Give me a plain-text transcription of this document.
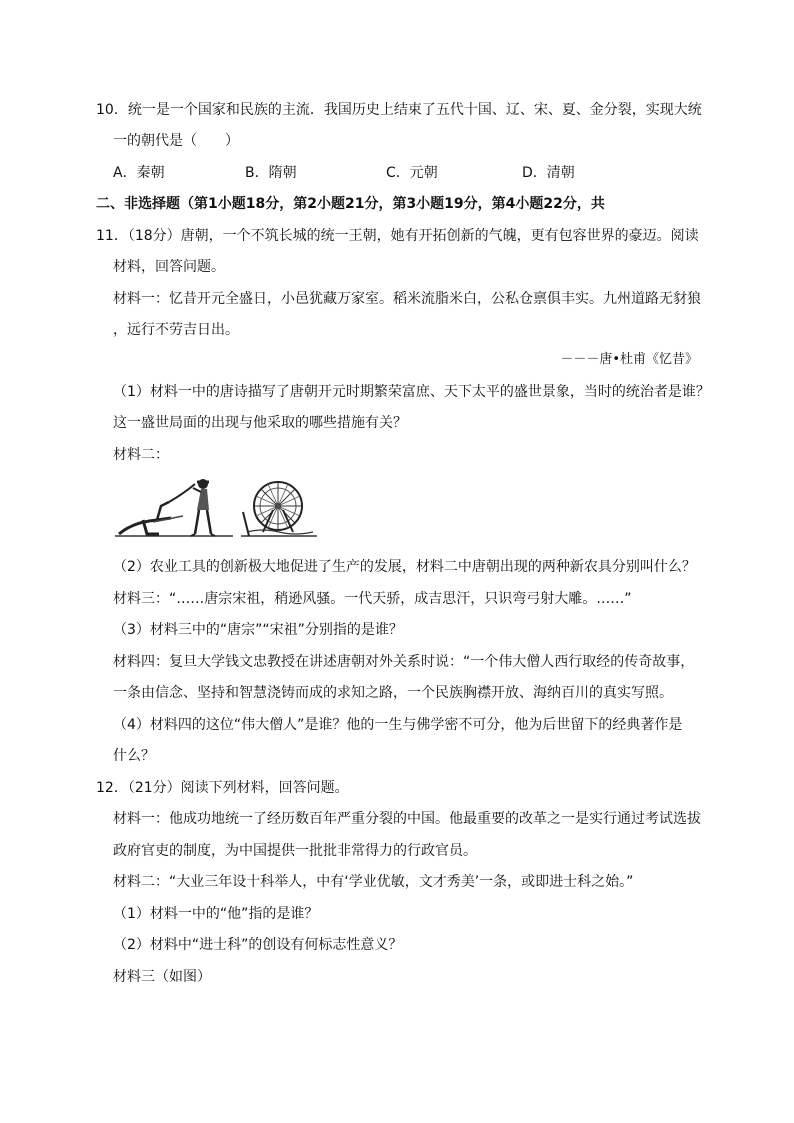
10．统一是一个国家和民族的主流．我国历史上结束了五代十国、辽、宋、夏、金分裂，实现大统
一的朝代是（　　）
A．秦朝	B．隋朝	C．元朝	D．清朝
二、非选择题（第1小题18分，第2小题21分，第3小题19分，第4小题22分，共
11．（18分）唐朝，一个不筑长城的统一王朝，她有开拓创新的气魄，更有包容世界的豪迈。阅读
材料，回答问题。
材料一：忆昔开元全盛日，小邑犹藏万家室。稻米流脂米白，公私仓禀俱丰实。九州道路无豺狼
，远行不劳吉日出。
－－－唐•杜甫《忆昔》
（1）材料一中的唐诗描写了唐朝开元时期繁荣富庶、天下太平的盛世景象，当时的统治者是谁？
这一盛世局面的出现与他采取的哪些措施有关？
材料二：
（2）农业工具的创新极大地促进了生产的发展，材料二中唐朝出现的两种新农具分别叫什么？
材料三：“……唐宗宋祖，稍逊风骚。一代天骄，成吉思汗，只识弯弓射大雕。……”
（3）材料三中的“唐宗”“宋祖”分别指的是谁？
材料四：复旦大学钱文忠教授在讲述唐朝对外关系时说：“一个伟大僧人西行取经的传奇故事，
一条由信念、坚持和智慧浇铸而成的求知之路，一个民族胸襟开放、海纳百川的真实写照。
（4）材料四的这位“伟大僧人”是谁？他的一生与佛学密不可分，他为后世留下的经典著作是
什么？
12．（21分）阅读下列材料，回答问题。
材料一：他成功地统一了经历数百年严重分裂的中国。他最重要的改革之一是实行通过考试选拔
政府官吏的制度，为中国提供一批批非常得力的行政官员。
材料二：“大业三年设十科举人，中有‘学业优敏，文才秀美’一条，或即进士科之始。”
（1）材料一中的“他”指的是谁？
（2）材料中“进士科”的创设有何标志性意义？
材料三（如图）
